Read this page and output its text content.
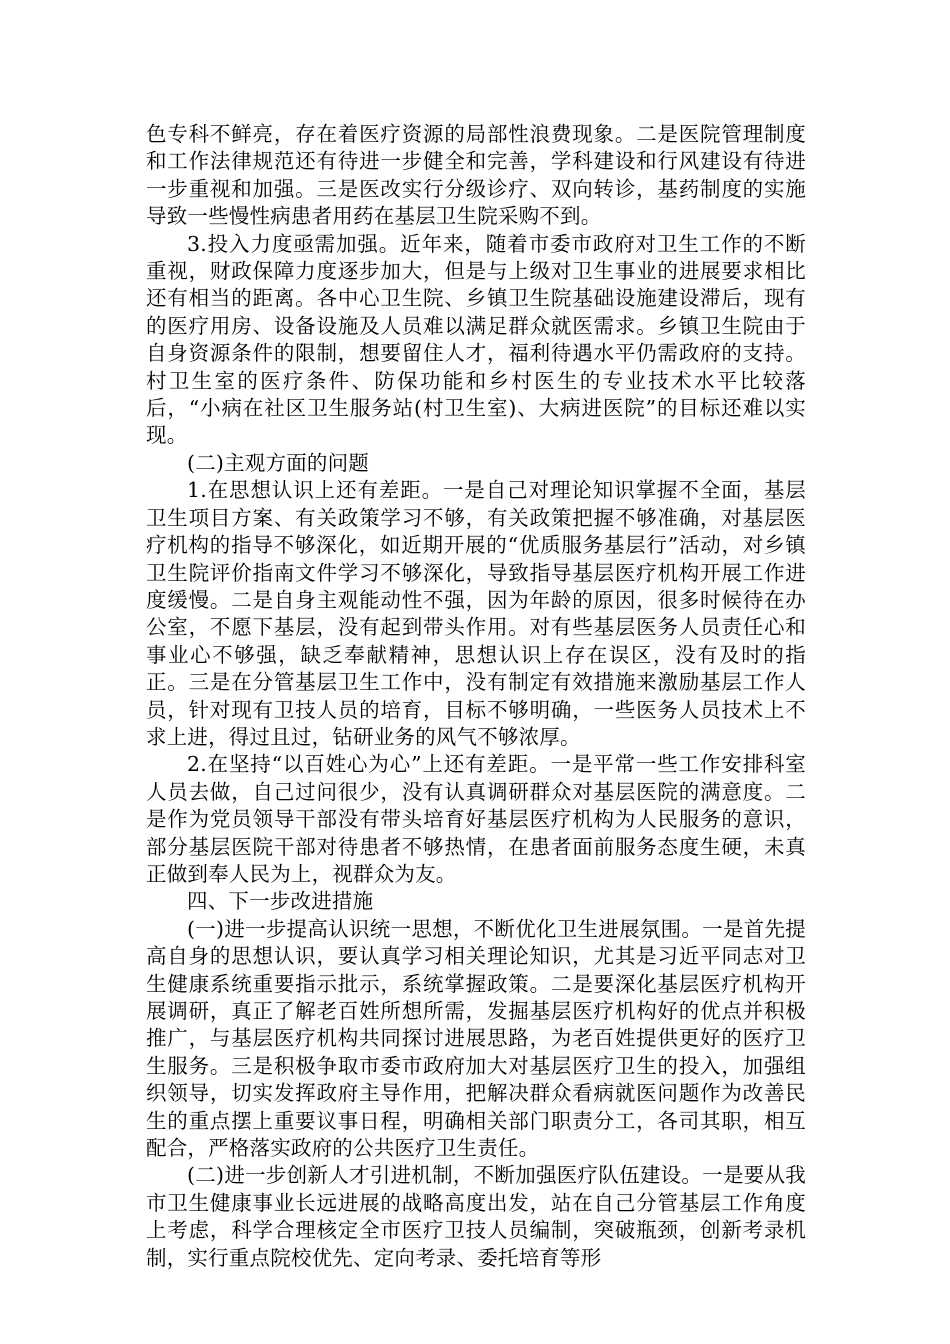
色专科不鲜亮，存在着医疗资源的局部性浪费现象。二是医院管理制度和工作法律规范还有待进一步健全和完善，学科建设和行风建设有待进一步重视和加强。三是医改实行分级诊疗、双向转诊，基药制度的实施导致一些慢性病患者用药在基层卫生院采购不到。

3.投入力度亟需加强。近年来，随着市委市政府对卫生工作的不断重视，财政保障力度逐步加大，但是与上级对卫生事业的进展要求相比还有相当的距离。各中心卫生院、乡镇卫生院基础设施建设滞后，现有的医疗用房、设备设施及人员难以满足群众就医需求。乡镇卫生院由于自身资源条件的限制，想要留住人才，福利待遇水平仍需政府的支持。村卫生室的医疗条件、防保功能和乡村医生的专业技术水平比较落后，“小病在社区卫生服务站(村卫生室)、大病进医院”的目标还难以实现。

(二)主观方面的问题

1.在思想认识上还有差距。一是自己对理论知识掌握不全面，基层卫生项目方案、有关政策学习不够，有关政策把握不够准确，对基层医疗机构的指导不够深化，如近期开展的“优质服务基层行”活动，对乡镇卫生院评价指南文件学习不够深化，导致指导基层医疗机构开展工作进度缓慢。二是自身主观能动性不强，因为年龄的原因，很多时候待在办公室，不愿下基层，没有起到带头作用。对有些基层医务人员责任心和事业心不够强，缺乏奉献精神，思想认识上存在误区，没有及时的指正。三是在分管基层卫生工作中，没有制定有效措施来激励基层工作人员，针对现有卫技人员的培育，目标不够明确，一些医务人员技术上不求上进，得过且过，钻研业务的风气不够浓厚。

2.在坚持“以百姓心为心”上还有差距。一是平常一些工作安排科室人员去做，自己过问很少，没有认真调研群众对基层医院的满意度。二是作为党员领导干部没有带头培育好基层医疗机构为人民服务的意识，部分基层医院干部对待患者不够热情，在患者面前服务态度生硬，未真正做到奉人民为上，视群众为友。

四、下一步改进措施

(一)进一步提高认识统一思想，不断优化卫生进展氛围。一是首先提高自身的思想认识，要认真学习相关理论知识，尤其是习近平同志对卫生健康系统重要指示批示，系统掌握政策。二是要深化基层医疗机构开展调研，真正了解老百姓所想所需，发掘基层医疗机构好的优点并积极推广，与基层医疗机构共同探讨进展思路，为老百姓提供更好的医疗卫生服务。三是积极争取市委市政府加大对基层医疗卫生的投入，加强组织领导，切实发挥政府主导作用，把解决群众看病就医问题作为改善民生的重点摆上重要议事日程，明确相关部门职责分工，各司其职，相互配合，严格落实政府的公共医疗卫生责任。

(二)进一步创新人才引进机制，不断加强医疗队伍建设。一是要从我市卫生健康事业长远进展的战略高度出发，站在自己分管基层工作角度上考虑，科学合理核定全市医疗卫技人员编制，突破瓶颈，创新考录机制，实行重点院校优先、定向考录、委托培育等形
